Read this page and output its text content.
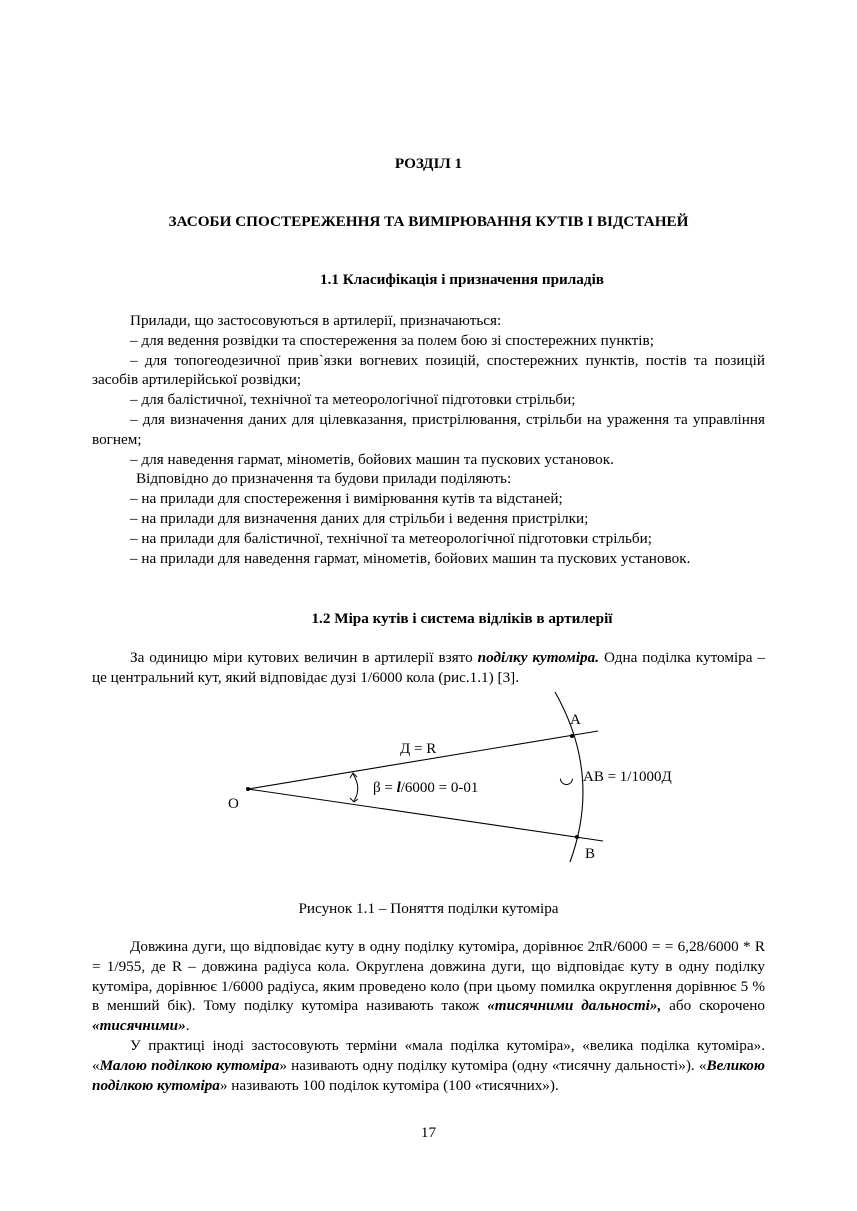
РОЗДІЛ 1
ЗАСОБИ СПОСТЕРЕЖЕННЯ ТА ВИМІРЮВАННЯ КУТІВ І ВІДСТАНЕЙ
1.1 Класифікація і призначення приладів

Прилади, що застосовуються в артилерії, призначаються:

– для ведення розвідки та спостереження за полем бою зі спостережних пунктів;

– для топогеодезичної прив`язки вогневих позицій, спостережних пунктів, постів та позицій засобів артилерійської розвідки;

– для балістичної, технічної та метеорологічної підготовки стрільби;

– для визначення даних для цілевказання, пристрілювання, стрільби на ураження та управління вогнем;

– для наведення гармат, мінометів, бойових машин та пускових установок.

Відповідно до призначення та будови прилади поділяють:

– на прилади для спостереження і вимірювання кутів та відстаней;

– на прилади для визначення даних для стрільби і ведення пристрілки;

– на прилади для балістичної, технічної та метеорологічної підготовки стрільби;

– на прилади для наведення гармат, мінометів, бойових машин та пускових установок.

1.2 Міра кутів і система відліків в артилерії

За одиницю міри кутових величин в артилерії взято поділку кутоміра. Одна поділка кутоміра – це центральний кут, який відповідає дузі 1/6000 кола (рис.1.1) [3].

О
А
В
Д = R
β = l/6000 = 0-01
◡ АВ = 1/1000Д
Рисунок 1.1 – Поняття поділки кутоміра

Довжина дуги, що відповідає куту в одну поділку кутоміра, дорівнює 2πR/6000 = = 6,28/6000 * R = 1/955, де R – довжина радіуса кола. Округлена довжина дуги, що відповідає куту в одну поділку кутоміра, дорівнює 1/6000 радіуса, яким проведено коло (при цьому помилка округлення дорівнює 5 % в менший бік). Тому поділку кутоміра називають також «тисячними дальності», або скорочено «тисячними».

У практиці іноді застосовують терміни «мала поділка кутоміра», «велика поділка кутоміра». «Малою поділкою кутоміра» називають одну поділку кутоміра (одну «тисячну дальності»). «Великою поділкою кутоміра» називають 100 поділок кутоміра (100 «тисячних»).

17
